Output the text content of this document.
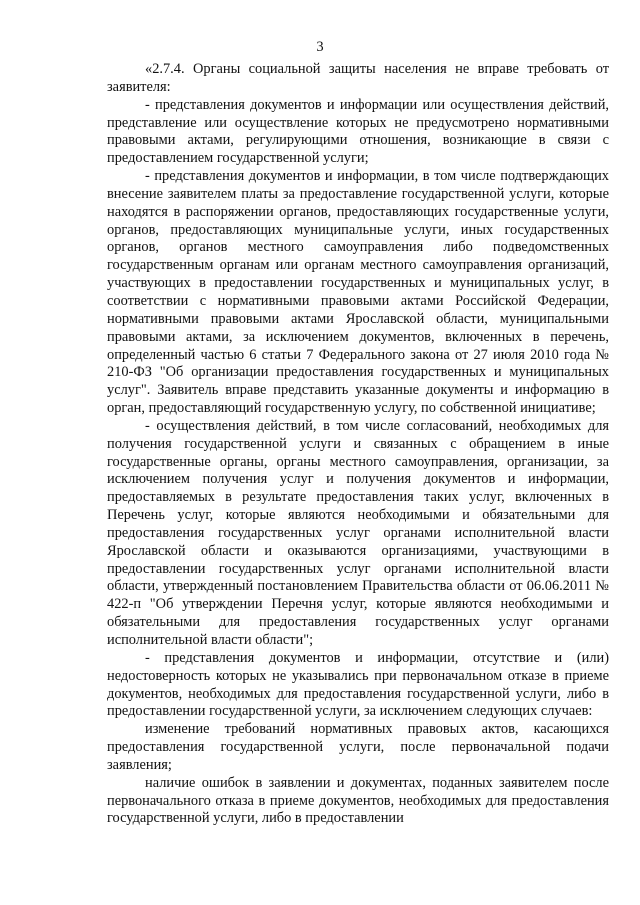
3

«2.7.4. Органы социальной защиты населения не вправе требовать от заявителя:

- представления документов и информации или осуществления действий, представление или осуществление которых не предусмотрено нормативными правовыми актами, регулирующими отношения, возникающие в связи с предоставлением государственной услуги;

- представления документов и информации, в том числе подтверждающих внесение заявителем платы за предоставление государственной услуги, которые находятся в распоряжении органов, предоставляющих государственные услуги, органов, предоставляющих муниципальные услуги, иных государственных органов, органов местного самоуправления либо подведомственных государственным органам или органам местного самоуправления организаций, участвующих в предоставлении государственных и муниципальных услуг, в соответствии с нормативными правовыми актами Российской Федерации, нормативными правовыми актами Ярославской области, муниципальными правовыми актами, за исключением документов, включенных в перечень, определенный частью 6 статьи 7 Федерального закона от 27 июля 2010 года № 210-ФЗ "Об организации предоставления государственных и муниципальных услуг". Заявитель вправе представить указанные документы и информацию в орган, предоставляющий государственную услугу, по собственной инициативе;

- осуществления действий, в том числе согласований, необходимых для получения государственной услуги и связанных с обращением в иные государственные органы, органы местного самоуправления, организации, за исключением получения услуг и получения документов и информации, предоставляемых в результате предоставления таких услуг, включенных в Перечень услуг, которые являются необходимыми и обязательными для предоставления государственных услуг органами исполнительной власти Ярославской области и оказываются организациями, участвующими в предоставлении государственных услуг органами исполнительной власти области, утвержденный постановлением Правительства области от 06.06.2011 № 422-п "Об утверждении Перечня услуг, которые являются необходимыми и обязательными для предоставления государственных услуг органами исполнительной власти области";

- представления документов и информации, отсутствие и (или) недостоверность которых не указывались при первоначальном отказе в приеме документов, необходимых для предоставления государственной услуги, либо в предоставлении государственной услуги, за исключением следующих случаев:

изменение требований нормативных правовых актов, касающихся предоставления государственной услуги, после первоначальной подачи заявления;

наличие ошибок в заявлении и документах, поданных заявителем после первоначального отказа в приеме документов, необходимых для предоставления государственной услуги, либо в предоставлении
